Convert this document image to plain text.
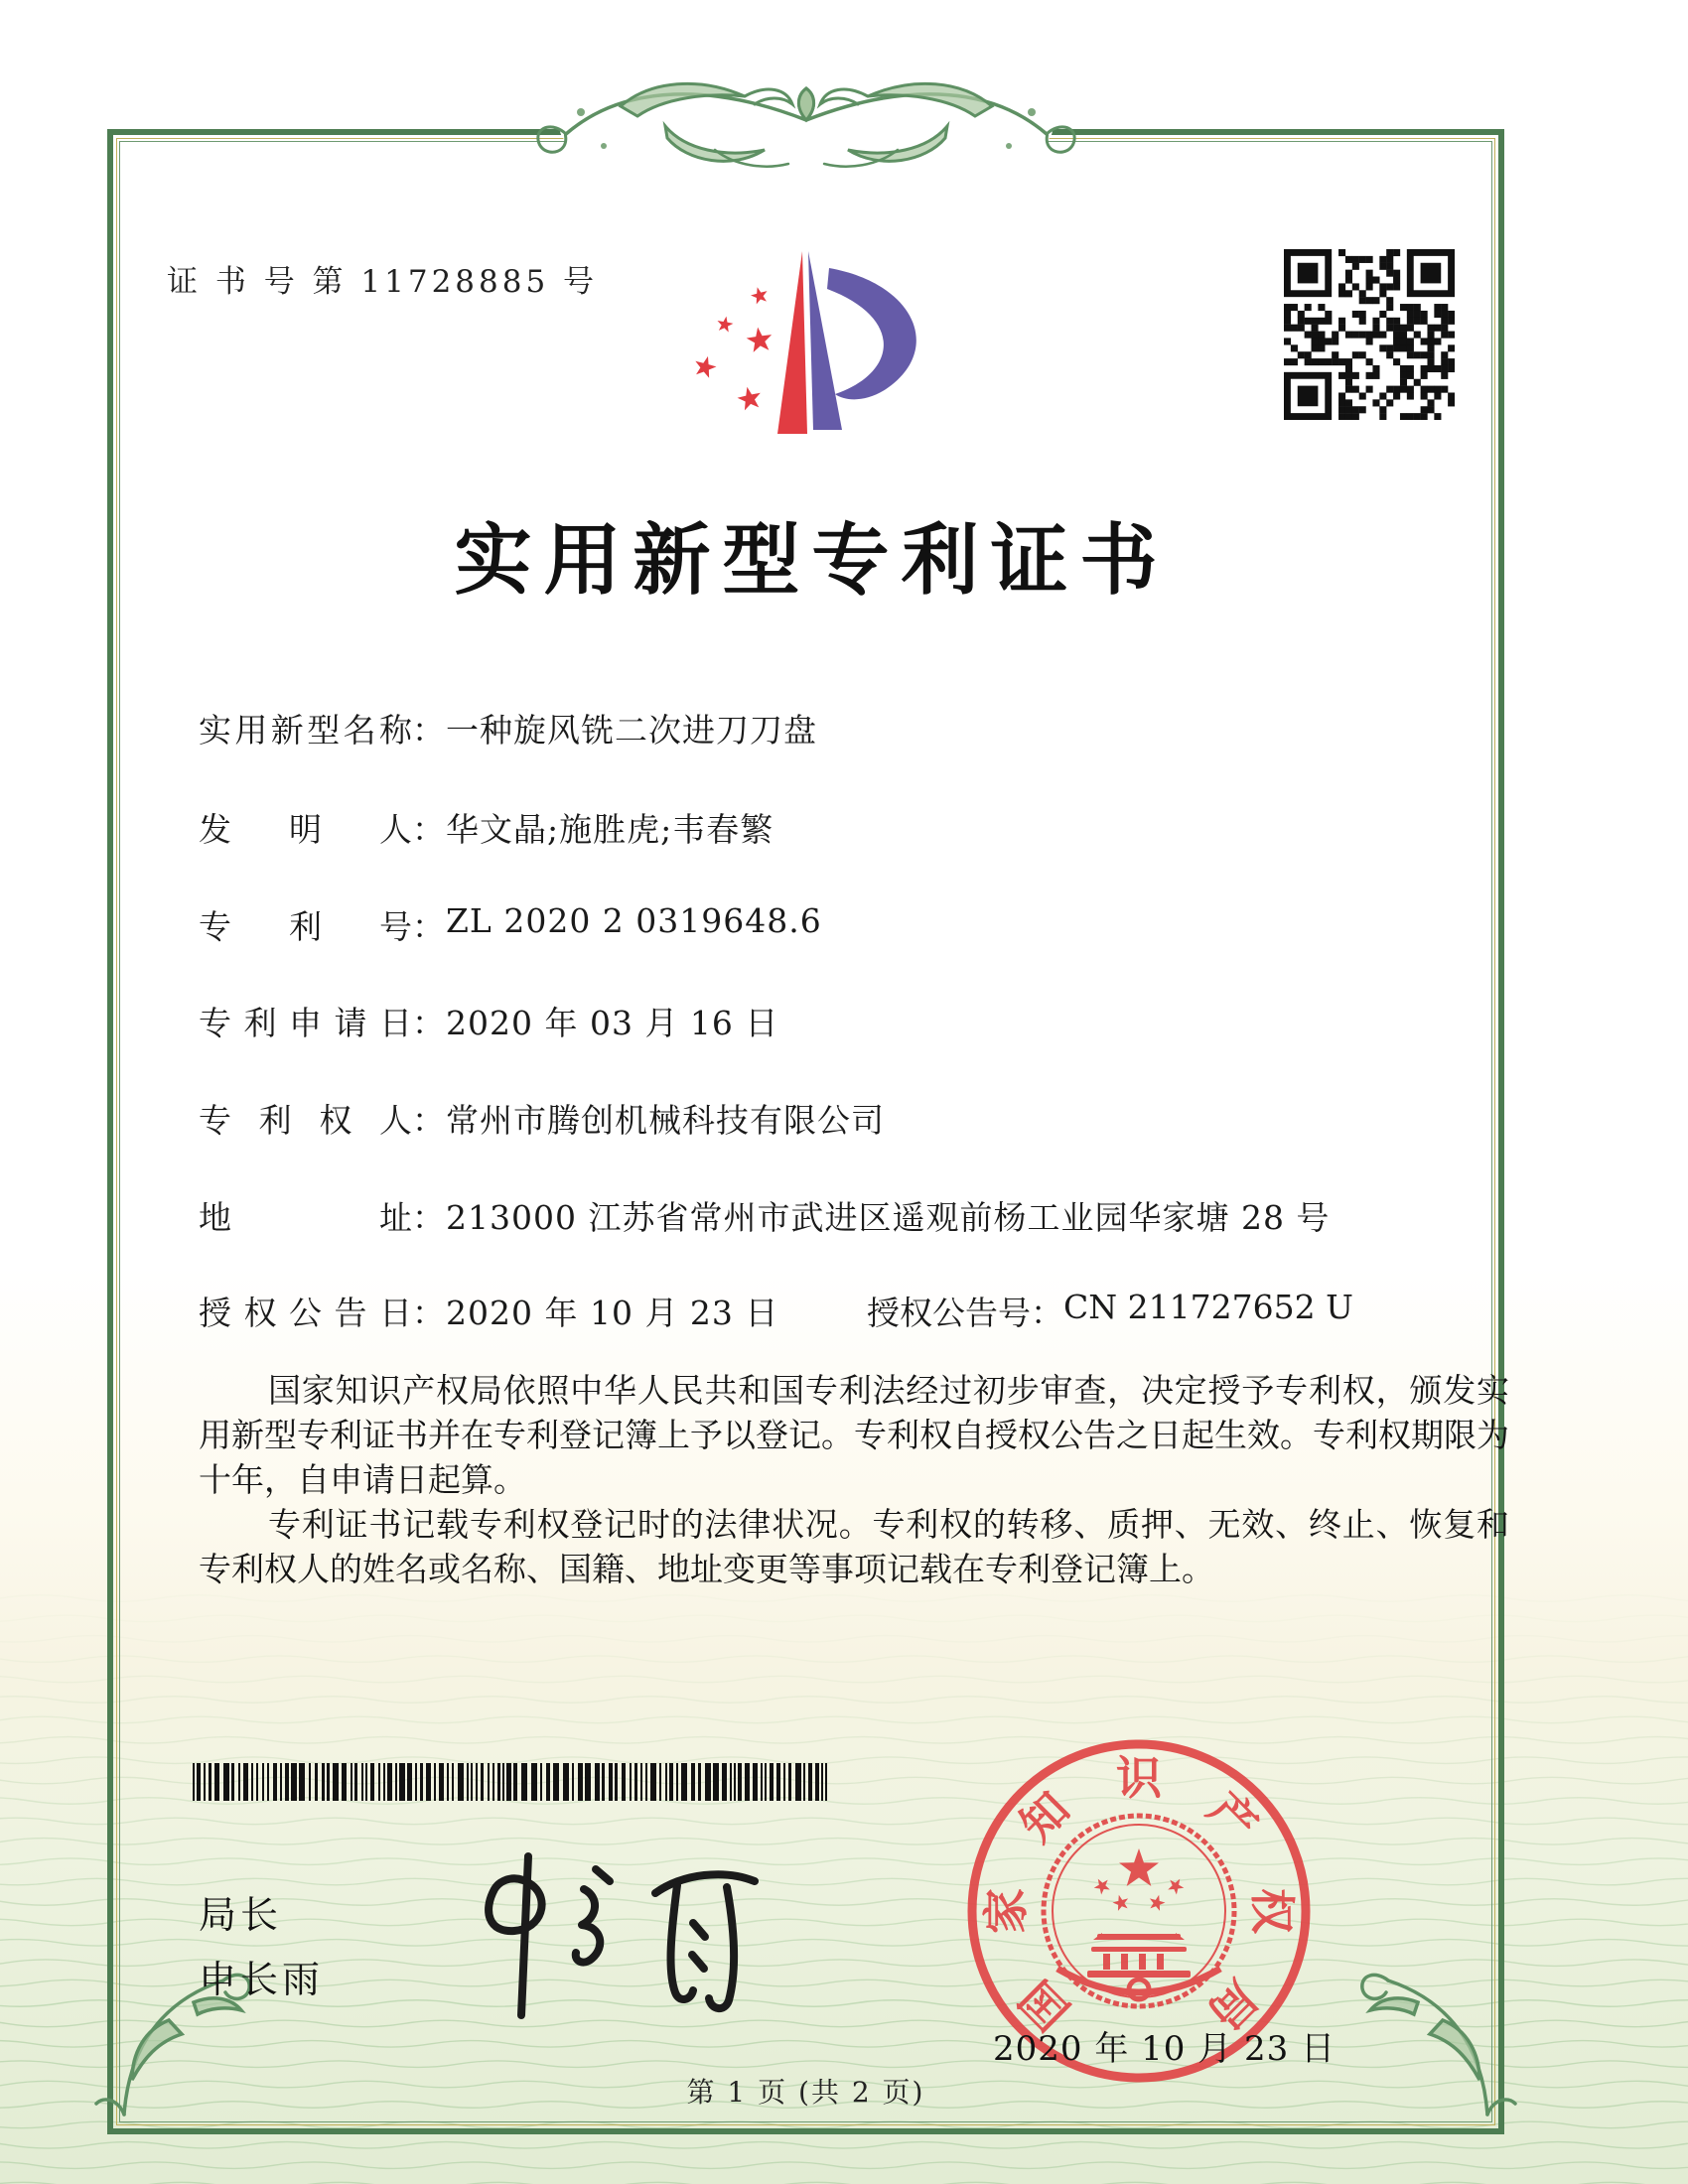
证 书 号 第 11728885 号
实用新型专利证书
实用新型名称 ： 一种旋风铣二次进刀刀盘
发明人 ： 华文晶;施胜虎;韦春繁
专利号 ： ZL 2020 2 0319648.6
专利申请日 ： 2020 年 03 月 16 日
专利权人 ： 常州市腾创机械科技有限公司
地址 ： 213000 江苏省常州市武进区遥观前杨工业园华家塘 28 号
授权公告日 ： 2020 年 10 月 23 日	授权公告号 ： CN 211727652 U

国家知识产权局依照中华人民共和国专利法经过初步审查，决定授予专利权，颁发实用新型专利证书并在专利登记簿上予以登记。专利权自授权公告之日起生效。专利权期限为十年，自申请日起算。

专利证书记载专利权登记时的法律状况。专利权的转移、质押、无效、终止、恢复和专利权人的姓名或名称、国籍、地址变更等事项记载在专利登记簿上。

局长
申长雨	国
家
知
识
产
权
局
2020 年 10 月 23 日
第 1 页 (共 2 页)
